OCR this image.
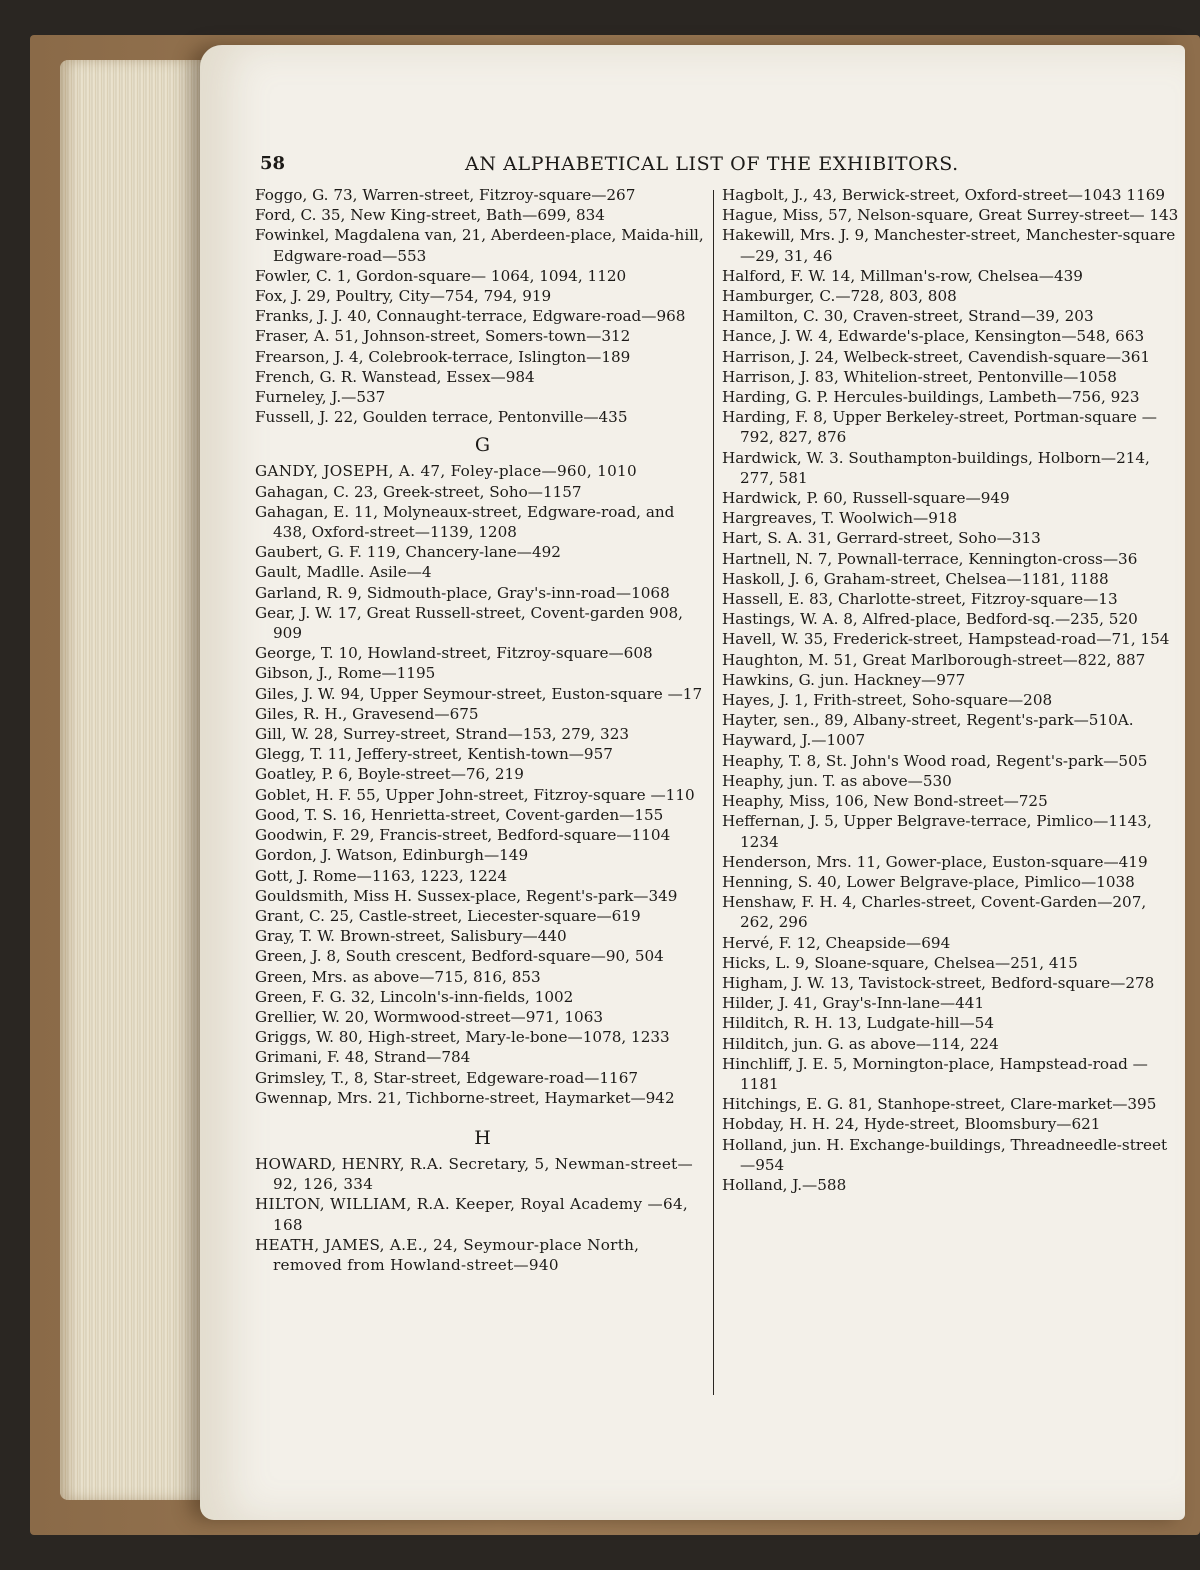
58	AN ALPHABETICAL LIST OF THE EXHIBITORS.

Foggo, G. 73, Warren-street, Fitzroy-square—267

Ford, C. 35, New King-street, Bath—699, 834

Fowinkel, Magdalena van, 21, Aberdeen-place, Maida-hill, Edgware-road—553

Fowler, C. 1, Gordon-square— 1064, 1094, 1120

Fox, J. 29, Poultry, City—754, 794, 919

Franks, J. J. 40, Connaught-terrace, Edgware-road—968

Fraser, A. 51, Johnson-street, Somers-town—312

Frearson, J. 4, Colebrook-terrace, Islington—189

French, G. R. Wanstead, Essex—984

Furneley, J.—537

Fussell, J. 22, Goulden terrace, Pentonville—435

G

GANDY, JOSEPH, A. 47, Foley-place—960, 1010

Gahagan, C. 23, Greek-street, Soho—1157

Gahagan, E. 11, Molyneaux-street, Edgware-road, and 438, Oxford-street—1139, 1208

Gaubert, G. F. 119, Chancery-lane—492

Gault, Madlle. Asile—4

Garland, R. 9, Sidmouth-place, Gray's-inn-road—1068

Gear, J. W. 17, Great Russell-street, Covent-garden 908, 909

George, T. 10, Howland-street, Fitzroy-square—608

Gibson, J., Rome—1195

Giles, J. W. 94, Upper Seymour-street, Euston-square —17

Giles, R. H., Gravesend—675

Gill, W. 28, Surrey-street, Strand—153, 279, 323

Glegg, T. 11, Jeffery-street, Kentish-town—957

Goatley, P. 6, Boyle-street—76, 219

Goblet, H. F. 55, Upper John-street, Fitzroy-square —110

Good, T. S. 16, Henrietta-street, Covent-garden—155

Goodwin, F. 29, Francis-street, Bedford-square—1104

Gordon, J. Watson, Edinburgh—149

Gott, J. Rome—1163, 1223, 1224

Gouldsmith, Miss H. Sussex-place, Regent's-park—349

Grant, C. 25, Castle-street, Liecester-square—619

Gray, T. W. Brown-street, Salisbury—440

Green, J. 8, South crescent, Bedford-square—90, 504

Green, Mrs. as above—715, 816, 853

Green, F. G. 32, Lincoln's-inn-fields, 1002

Grellier, W. 20, Wormwood-street—971, 1063

Griggs, W. 80, High-street, Mary-le-bone—1078, 1233

Grimani, F. 48, Strand—784

Grimsley, T., 8, Star-street, Edgeware-road—1167

Gwennap, Mrs. 21, Tichborne-street, Haymarket—942

H

HOWARD, HENRY, R.A. Secretary, 5, Newman-street—92, 126, 334

HILTON, WILLIAM, R.A. Keeper, Royal Academy —64, 168

HEATH, JAMES, A.E., 24, Seymour-place North, removed from Howland-street—940

Hagbolt, J., 43, Berwick-street, Oxford-street—1043 1169

Hague, Miss, 57, Nelson-square, Great Surrey-street— 143

Hakewill, Mrs. J. 9, Manchester-street, Manchester-square—29, 31, 46

Halford, F. W. 14, Millman's-row, Chelsea—439

Hamburger, C.—728, 803, 808

Hamilton, C. 30, Craven-street, Strand—39, 203

Hance, J. W. 4, Edwarde's-place, Kensington—548, 663

Harrison, J. 24, Welbeck-street, Cavendish-square—361

Harrison, J. 83, Whitelion-street, Pentonville—1058

Harding, G. P. Hercules-buildings, Lambeth—756, 923

Harding, F. 8, Upper Berkeley-street, Portman-square —792, 827, 876

Hardwick, W. 3. Southampton-buildings, Holborn—214, 277, 581

Hardwick, P. 60, Russell-square—949

Hargreaves, T. Woolwich—918

Hart, S. A. 31, Gerrard-street, Soho—313

Hartnell, N. 7, Pownall-terrace, Kennington-cross—36

Haskoll, J. 6, Graham-street, Chelsea—1181, 1188

Hassell, E. 83, Charlotte-street, Fitzroy-square—13

Hastings, W. A. 8, Alfred-place, Bedford-sq.—235, 520

Havell, W. 35, Frederick-street, Hampstead-road—71, 154

Haughton, M. 51, Great Marlborough-street—822, 887

Hawkins, G. jun. Hackney—977

Hayes, J. 1, Frith-street, Soho-square—208

Hayter, sen., 89, Albany-street, Regent's-park—510A.

Hayward, J.—1007

Heaphy, T. 8, St. John's Wood road, Regent's-park—505

Heaphy, jun. T. as above—530

Heaphy, Miss, 106, New Bond-street—725

Heffernan, J. 5, Upper Belgrave-terrace, Pimlico—1143, 1234

Henderson, Mrs. 11, Gower-place, Euston-square—419

Henning, S. 40, Lower Belgrave-place, Pimlico—1038

Henshaw, F. H. 4, Charles-street, Covent-Garden—207, 262, 296

Hervé, F. 12, Cheapside—694

Hicks, L. 9, Sloane-square, Chelsea—251, 415

Higham, J. W. 13, Tavistock-street, Bedford-square—278

Hilder, J. 41, Gray's-Inn-lane—441

Hilditch, R. H. 13, Ludgate-hill—54

Hilditch, jun. G. as above—114, 224

Hinchliff, J. E. 5, Mornington-place, Hampstead-road —1181

Hitchings, E. G. 81, Stanhope-street, Clare-market—395

Hobday, H. H. 24, Hyde-street, Bloomsbury—621

Holland, jun. H. Exchange-buildings, Threadneedle-street—954

Holland, J.—588
